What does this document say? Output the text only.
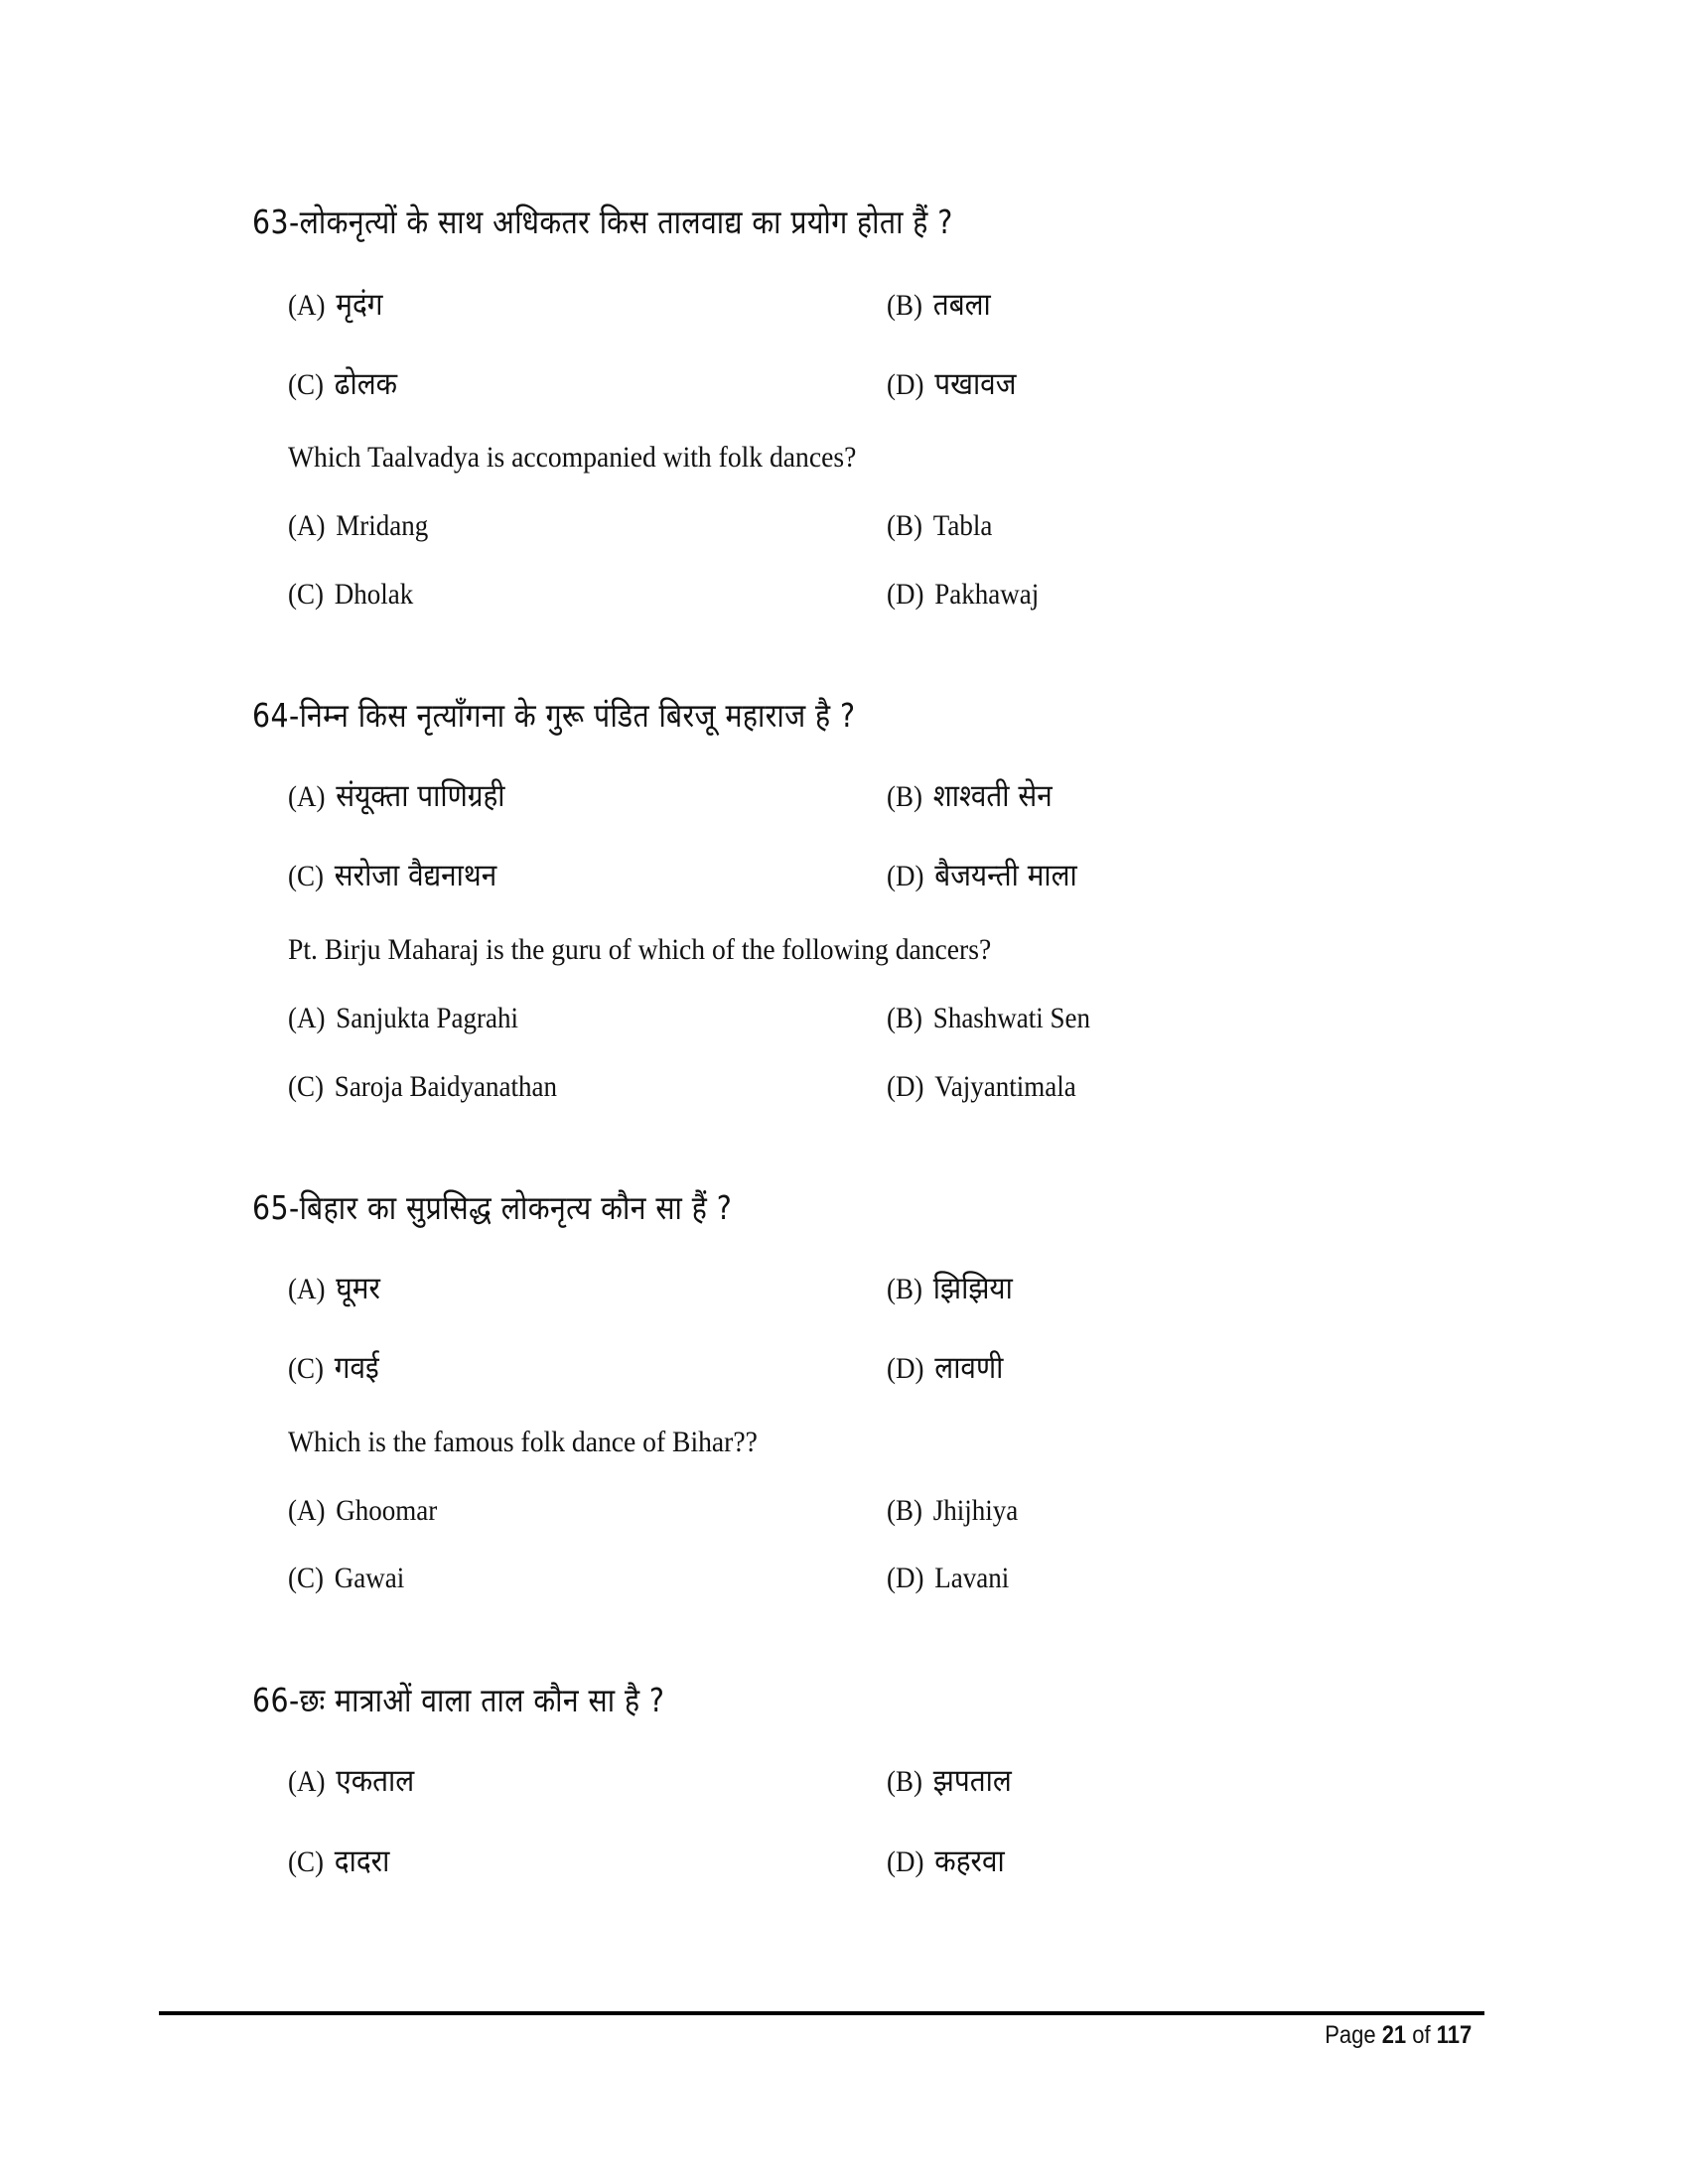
63-लोकनृत्यों के साथ अधिकतर किस तालवाद्य का प्रयोग होता हैं ?
(A) मृदंग	(B) तबला
(C) ढोलक	(D) पखावज
Which Taalvadya is accompanied with folk dances?
(A) Mridang	(B) Tabla
(C) Dholak	(D) Pakhawaj
64-निम्न किस नृत्याँगना के गुरू पंडित बिरजू महाराज है ?
(A) संयूक्ता पाणिग्रही	(B) शाश्वती सेन
(C) सरोजा वैद्यनाथन	(D) बैजयन्ती माला
Pt. Birju Maharaj is the guru of which of the following dancers?
(A) Sanjukta Pagrahi	(B) Shashwati Sen
(C) Saroja Baidyanathan	(D) Vajyantimala
65-बिहार का सुप्रसिद्ध लोकनृत्य कौन सा हैं ?
(A) घूमर	(B) झिझिया
(C) गवई	(D) लावणी
Which is the famous folk dance of Bihar??
(A) Ghoomar	(B) Jhijhiya
(C) Gawai	(D) Lavani
66-छः मात्राओं वाला ताल कौन सा है ?
(A) एकताल	(B) झपताल
(C) दादरा	(D) कहरवा
Page 21 of 117
